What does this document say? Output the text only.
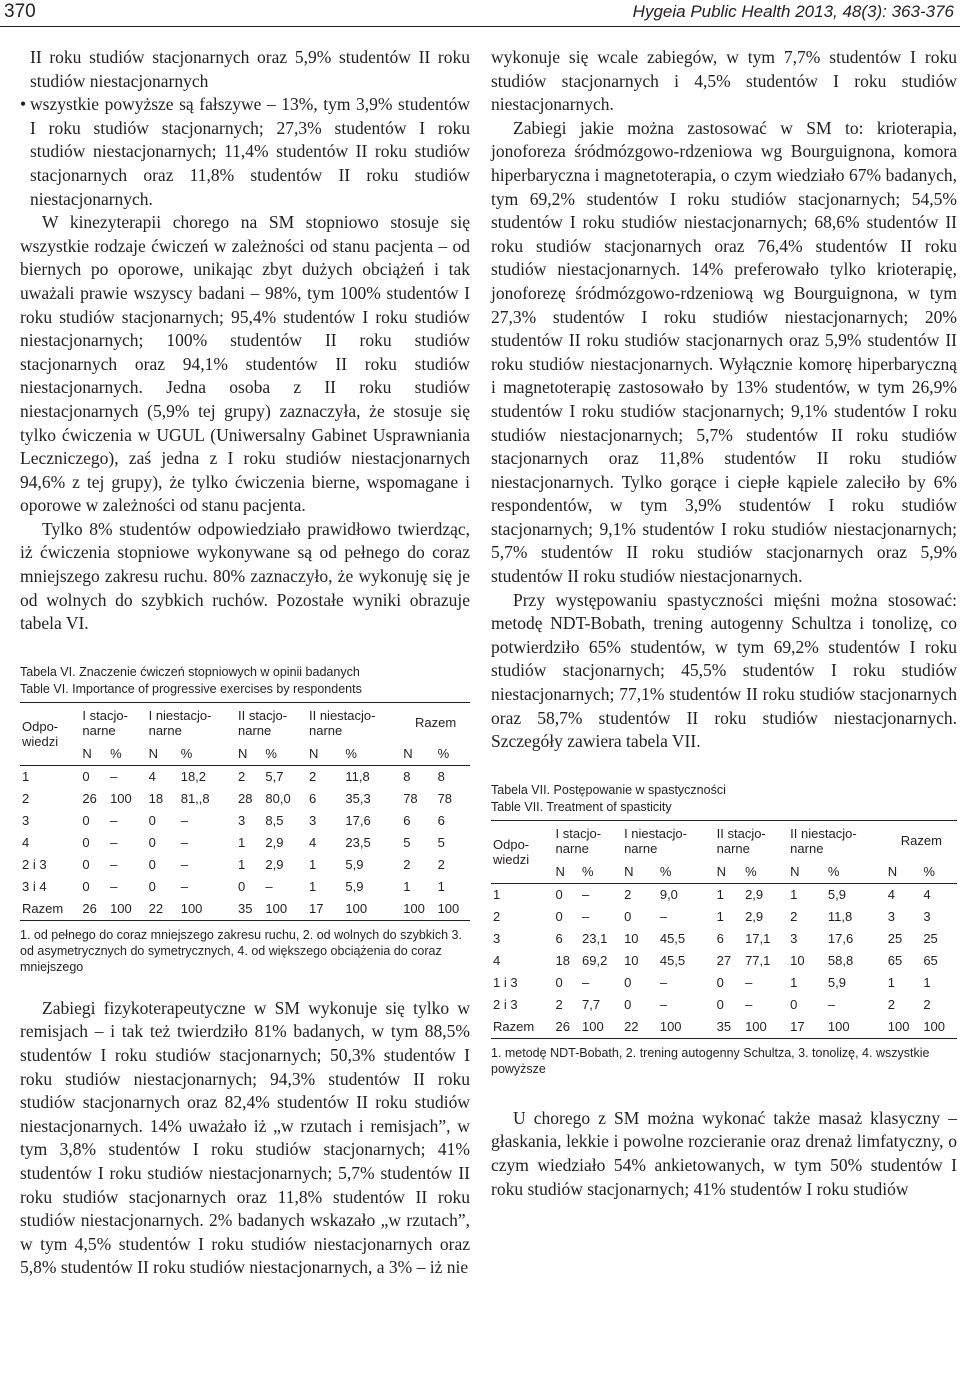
370	Hygeia Public Health 2013, 48(3): 363-376

II roku studiów stacjonarnych oraz 5,9% studentów II roku studiów niestacjonarnych

• wszystkie powyższe są fałszywe – 13%, tym 3,9% studentów I roku studiów stacjonarnych; 27,3% studentów I roku studiów niestacjonarnych; 11,4% studentów II roku studiów stacjonarnych oraz 11,8% studentów II roku studiów niestacjonarnych.

W kinezyterapii chorego na SM stopniowo stosuje się wszystkie rodzaje ćwiczeń w zależności od stanu pacjenta – od biernych po oporowe, unikając zbyt dużych obciążeń i tak uważali prawie wszyscy badani – 98%, tym 100% studentów I roku studiów stacjonarnych; 95,4% studentów I roku studiów niestacjonarnych; 100% studentów II roku studiów stacjonarnych oraz 94,1% studentów II roku studiów niestacjonarnych. Jedna osoba z II roku studiów niestacjonarnych (5,9% tej grupy) zaznaczyła, że stosuje się tylko ćwiczenia w UGUL (Uniwersalny Gabinet Usprawniania Leczniczego), zaś jedna z I roku studiów niestacjonarnych 94,6% z tej grupy), że tylko ćwiczenia bierne, wspomagane i oporowe w zależności od stanu pacjenta.

Tylko 8% studentów odpowiedziało prawidłowo twierdząc, iż ćwiczenia stopniowe wykonywane są od pełnego do coraz mniejszego zakresu ruchu. 80% zaznaczyło, że wykonuję się je od wolnych do szybkich ruchów. Pozostałe wyniki obrazuje tabela VI.

Tabela VI. Znaczenie ćwiczeń stopniowych w opinii badanych

Table VI. Importance of progressive exercises by respondents

Odpo-
wiedzi	I stacjo-
narne		I niestacjo-
narne		II stacjo-
narne		II niestacjo-
narne		Razem	
	N	%	N	%	N	%	N	%	N	%
1	0	–	4	18,2	2	5,7	2	11,8	8	8
2	26	100	18	81,,8	28	80,0	6	35,3	78	78
3	0	–	0	–	3	8,5	3	17,6	6	6
4	0	–	0	–	1	2,9	4	23,5	5	5
2 i 3	0	–	0	–	1	2,9	1	5,9	2	2
3 i 4	0	–	0	–	0	–	1	5,9	1	1
Razem	26	100	22	100	35	100	17	100	100	100

1. od pełnego do coraz mniejszego zakresu ruchu, 2. od wolnych do szybkich 3. od asymetrycznych do symetrycznych, 4. od większego obciążenia do coraz mniejszego

Zabiegi fizykoterapeutyczne w SM wykonuje się tylko w remisjach – i tak też twierdziło 81% badanych, w tym 88,5% studentów I roku studiów stacjonarnych; 50,3% studentów I roku studiów niestacjonarnych; 94,3% studentów II roku studiów stacjonarnych oraz 82,4% studentów II roku studiów niestacjonarnych. 14% uważało iż „w rzutach i remisjach”, w tym 3,8% studentów I roku studiów stacjonarnych; 41% studentów I roku studiów niestacjonarnych; 5,7% studentów II roku studiów stacjonarnych oraz 11,8% studentów II roku studiów niestacjonarnych. 2% badanych wskazało „w rzutach”, w tym 4,5% studentów I roku studiów niestacjonarnych oraz 5,8% studentów II roku studiów niestacjonarnych, a 3% – iż nie

wykonuje się wcale zabiegów, w tym 7,7% studentów I roku studiów stacjonarnych i 4,5% studentów I roku studiów niestacjonarnych.

Zabiegi jakie można zastosować w SM to: krioterapia, jonoforeza śródmózgowo-rdzeniowa wg Bourguignona, komora hiperbaryczna i magnetoterapia, o czym wiedziało 67% badanych, tym 69,2% studentów I roku studiów stacjonarnych; 54,5% studentów I roku studiów niestacjonarnych; 68,6% studentów II roku studiów stacjonarnych oraz 76,4% studentów II roku studiów niestacjonarnych. 14% preferowało tylko krioterapię, jonoforezę śródmózgowo-rdzeniową wg Bourguignona, w tym 27,3% studentów I roku studiów niestacjonarnych; 20% studentów II roku studiów stacjonarnych oraz 5,9% studentów II roku studiów niestacjonarnych. Wyłącznie komorę hiperbaryczną i magnetoterapię zastosowało by 13% studentów, w tym 26,9% studentów I roku studiów stacjonarnych; 9,1% studentów I roku studiów niestacjonarnych; 5,7% studentów II roku studiów stacjonarnych oraz 11,8% studentów II roku studiów niestacjonarnych. Tylko gorące i ciepłe kąpiele zaleciło by 6% respondentów, w tym 3,9% studentów I roku studiów stacjonarnych; 9,1% studentów I roku studiów niestacjonarnych; 5,7% studentów II roku studiów stacjonarnych oraz 5,9% studentów II roku studiów niestacjonarnych.

Przy występowaniu spastyczności mięśni można stosować: metodę NDT-Bobath, trening autogenny Schultza i tonolizę, co potwierdziło 65% studentów, w tym 69,2% studentów I roku studiów stacjonarnych; 45,5% studentów I roku studiów niestacjonarnych; 77,1% studentów II roku studiów stacjonarnych oraz 58,7% studentów II roku studiów niestacjonarnych. Szczegóły zawiera tabela VII.

Tabela VII. Postępowanie w spastyczności

Table VII. Treatment of spasticity

Odpo-
wiedzi	I stacjo-
narne		I niestacjo-
narne		II stacjo-
narne		II niestacjo-
narne		Razem	
	N	%	N	%	N	%	N	%	N	%
1	0	–	2	9,0	1	2,9	1	5,9	4	4
2	0	–	0	–	1	2,9	2	11,8	3	3
3	6	23,1	10	45,5	6	17,1	3	17,6	25	25
4	18	69,2	10	45,5	27	77,1	10	58,8	65	65
1 i 3	0	–	0	–	0	–	1	5,9	1	1
2 i 3	2	7,7	0	–	0	–	0	–	2	2
Razem	26	100	22	100	35	100	17	100	100	100

1. metodę NDT-Bobath, 2. trening autogenny Schultza, 3. tonolizę, 4. wszystkie powyższe

U chorego z SM można wykonać także masaż klasyczny – głaskania, lekkie i powolne rozcieranie oraz drenaż limfatyczny, o czym wiedziało 54% ankietowanych, w tym 50% studentów I roku studiów stacjonarnych; 41% studentów I roku studiów
